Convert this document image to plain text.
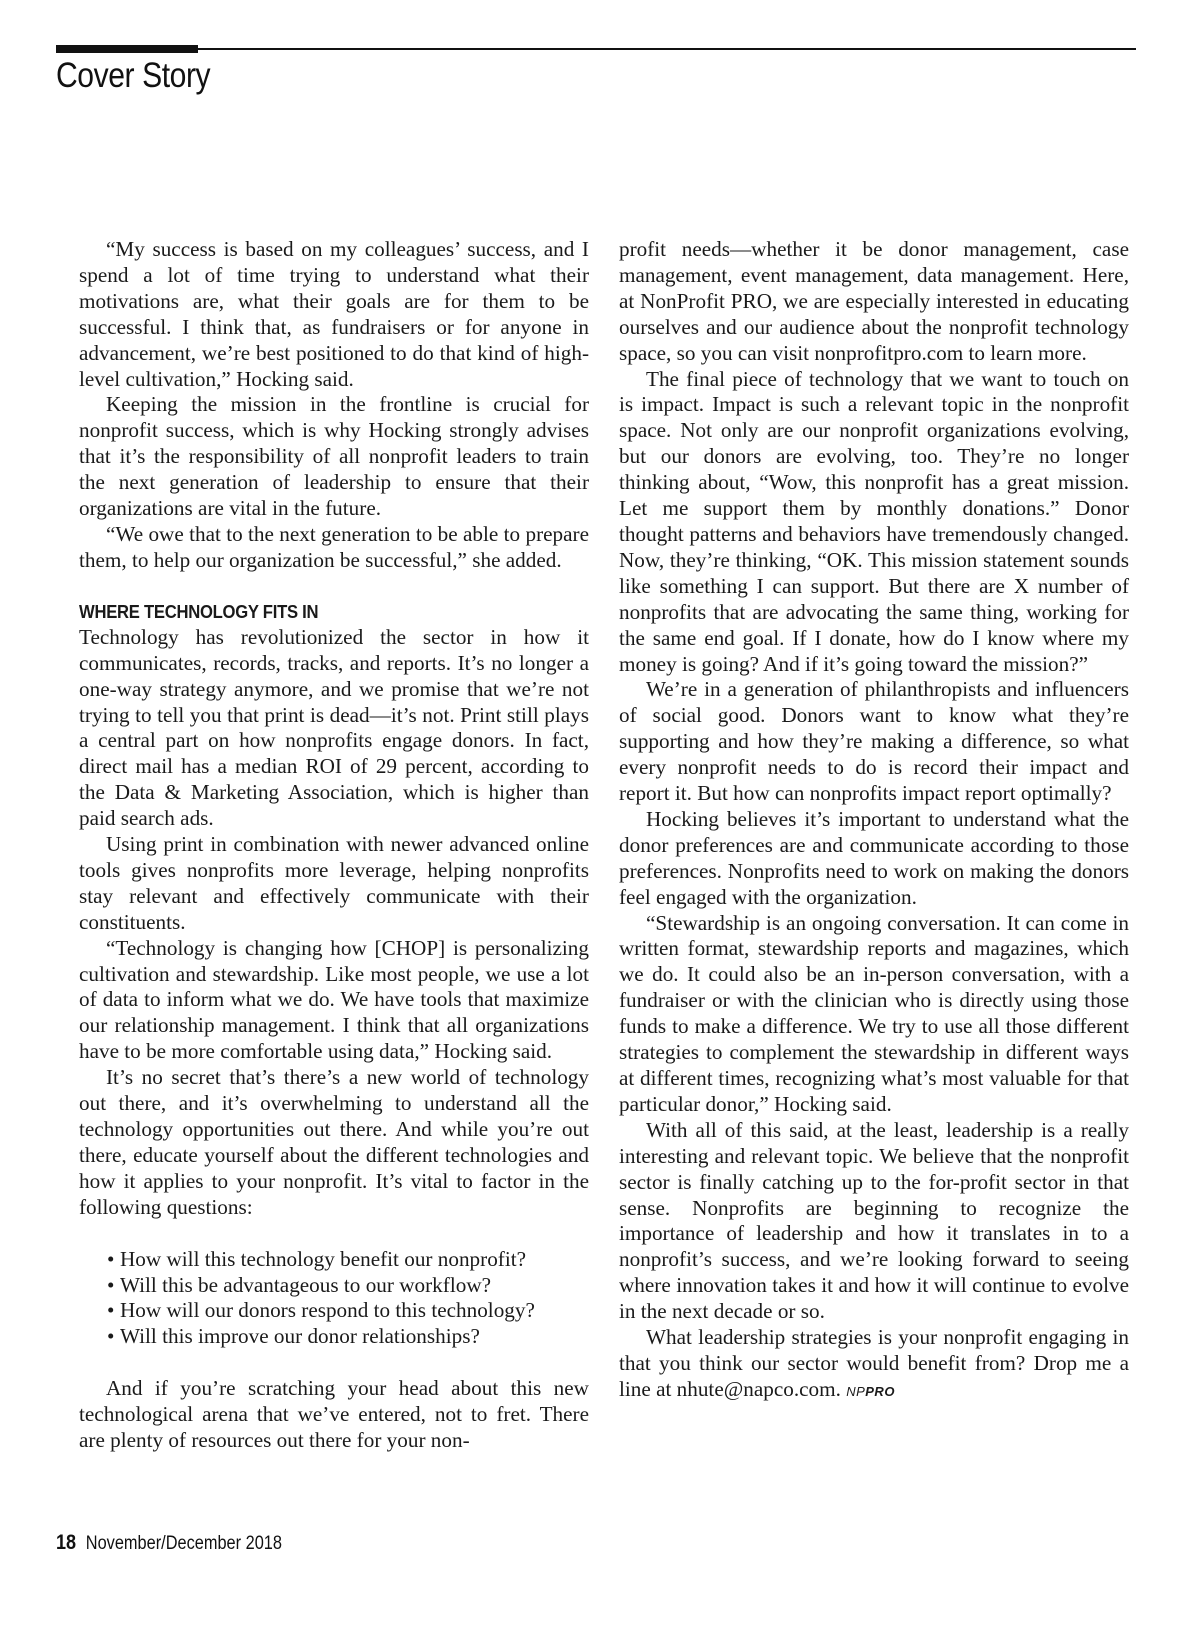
Cover Story

“My success is based on my colleagues’ success, and I spend a lot of time trying to understand what their motivations are, what their goals are for them to be successful. I think that, as fundraisers or for anyone in advancement, we’re best positioned to do that kind of high-level cultivation,” Hocking said.

Keeping the mission in the frontline is crucial for nonprofit success, which is why Hocking strongly advises that it’s the responsibility of all nonprofit leaders to train the next generation of leadership to ensure that their organizations are vital in the future.

“We owe that to the next generation to be able to prepare them, to help our organization be successful,” she added.

WHERE TECHNOLOGY FITS IN

Technology has revolutionized the sector in how it communicates, records, tracks, and reports. It’s no longer a one-way strategy anymore, and we promise that we’re not trying to tell you that print is dead—it’s not. Print still plays a central part on how nonprofits engage donors. In fact, direct mail has a median ROI of 29 percent, according to the Data & Marketing Association, which is higher than paid search ads.

Using print in combination with newer advanced online tools gives nonprofits more leverage, helping nonprofits stay relevant and effectively communicate with their constituents.

“Technology is changing how [CHOP] is personalizing cultivation and stewardship. Like most people, we use a lot of data to inform what we do. We have tools that maximize our relationship management. I think that all organizations have to be more comfortable using data,” Hocking said.

It’s no secret that’s there’s a new world of technology out there, and it’s overwhelming to understand all the technology opportunities out there. And while you’re out there, educate yourself about the different technologies and how it applies to your nonprofit. It’s vital to factor in the following questions:

• How will this technology benefit our nonprofit?
• Will this be advantageous to our workflow?
• How will our donors respond to this technology?
• Will this improve our donor relationships?

And if you’re scratching your head about this new technological arena that we’ve entered, not to fret. There are plenty of resources out there for your non-

profit needs—whether it be donor management, case management, event management, data management. Here, at NonProfit PRO, we are especially interested in educating ourselves and our audience about the nonprofit technology space, so you can visit nonprofitpro.com to learn more.

The final piece of technology that we want to touch on is impact. Impact is such a relevant topic in the nonprofit space. Not only are our nonprofit organizations evolving, but our donors are evolving, too. They’re no longer thinking about, “Wow, this nonprofit has a great mission. Let me support them by monthly donations.” Donor thought patterns and behaviors have tremendously changed. Now, they’re thinking, “OK. This mission statement sounds like something I can support. But there are X number of nonprofits that are advocating the same thing, working for the same end goal. If I donate, how do I know where my money is going? And if it’s going toward the mission?”

We’re in a generation of philanthropists and influencers of social good. Donors want to know what they’re supporting and how they’re making a difference, so what every nonprofit needs to do is record their impact and report it. But how can nonprofits impact report optimally?

Hocking believes it’s important to understand what the donor preferences are and communicate according to those preferences. Nonprofits need to work on making the donors feel engaged with the organization.

“Stewardship is an ongoing conversation. It can come in written format, stewardship reports and magazines, which we do. It could also be an in-person conversation, with a fundraiser or with the clinician who is directly using those funds to make a difference. We try to use all those different strategies to complement the stewardship in different ways at different times, recognizing what’s most valuable for that particular donor,” Hocking said.

With all of this said, at the least, leadership is a really interesting and relevant topic. We believe that the nonprofit sector is finally catching up to the for-profit sector in that sense. Nonprofits are beginning to recognize the importance of leadership and how it translates in to a nonprofit’s success, and we’re looking forward to seeing where innovation takes it and how it will continue to evolve in the next decade or so.

What leadership strategies is your nonprofit engaging in that you think our sector would benefit from? Drop me a line at nhute@napco.com. NPPRO

18 November/December 2018
